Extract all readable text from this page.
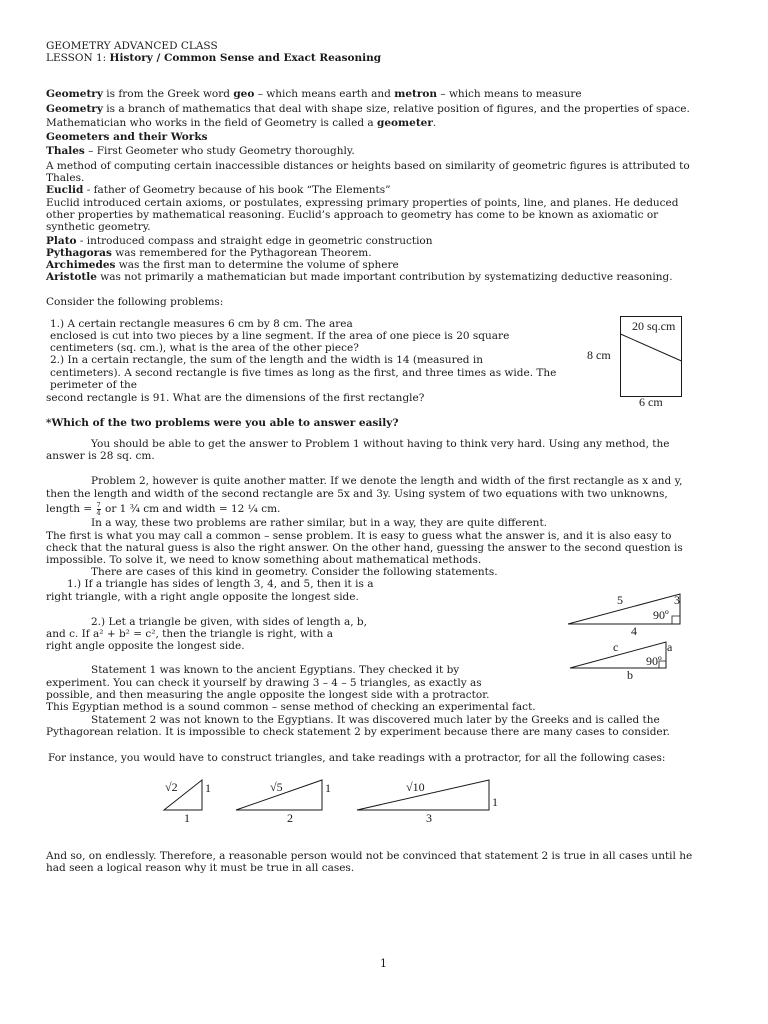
GEOMETRY ADVANCED CLASS
LESSON 1: History / Common Sense and Exact Reasoning
Geometry is from the Greek word geo – which means earth and metron – which means to measure
Geometry is a branch of mathematics that deal with shape size, relative position of figures, and the properties of space.
Mathematician who works in the field of Geometry is called a geometer.
Geometers and their Works
Thales – First Geometer who study Geometry thoroughly.
A method of computing certain inaccessible distances or heights based on similarity of geometric figures is attributed to
Thales.
Euclid - father of Geometry because of his book “The Elements”
Euclid introduced certain axioms, or postulates, expressing primary properties of points, line, and planes. He deduced
other properties by mathematical reasoning. Euclid’s approach to geometry has come to be known as axiomatic or
synthetic geometry.
Plato - introduced compass and straight edge in geometric construction
Pythagoras was remembered for the Pythagorean Theorem.
Archimedes was the first man to determine the volume of sphere
Aristotle was not primarily a mathematician but made important contribution by systematizing deductive reasoning.
Consider the following problems:
1.) A certain rectangle measures 6 cm by 8 cm. The area
enclosed is cut into two pieces by a line segment. If the area of one piece is 20 square
centimeters (sq. cm.), what is the area of the other piece?
2.) In a certain rectangle, the sum of the length and the width is 14 (measured in
centimeters). A second rectangle is five times as long as the first, and three times as wide. The
perimeter of the
second rectangle is 91. What are the dimensions of the first rectangle?
20 sq.cm
8 cm
6 cm
*Which of the two problems were you able to answer easily?
You should be able to get the answer to Problem 1 without having to think very hard. Using any method, the
answer is 28 sq. cm.
Problem 2, however is quite another matter. If we denote the length and width of the first rectangle as x and y,
then the length and width of the second rectangle are 5x and 3y. Using system of two equations with two unknowns,
length = $\frac{7}{4}$ or 1 ¾ cm and width = 12 ¼ cm.
In a way, these two problems are rather similar, but in a way, they are quite different.
The first is what you may call a common – sense problem. It is easy to guess what the answer is, and it is also easy to
check that the natural guess is also the right answer. On the other hand, guessing the answer to the second question is
impossible. To solve it, we need to know something about mathematical methods.
There are cases of this kind in geometry. Consider the following statements.
1.) If a triangle has sides of length 3, 4, and 5, then it is a
right triangle, with a right angle opposite the longest side.
2.) Let a triangle be given, with sides of length a, b,
and c. If a² + b² = c², then the triangle is right, with a
right angle opposite the longest side.
Statement 1 was known to the ancient Egyptians. They checked it by
experiment. You can check it yourself by drawing 3 – 4 – 5 triangles, as exactly as
possible, and then measuring the angle opposite the longest side with a protractor.
This Egyptian method is a sound common – sense method of checking an experimental fact.
Statement 2 was not known to the Egyptians. It was discovered much later by the Greeks and is called the
Pythagorean relation. It is impossible to check statement 2 by experiment because there are many cases to consider.
For instance, you would have to construct triangles, and take readings with a protractor, for all the following cases:
5	3
90º
4
c	a
90º
b
√2 1
1
√5	1
2
√10
1
3
And so, on endlessly. Therefore, a reasonable person would not be convinced that statement 2 is true in all cases until he
had seen a logical reason why it must be true in all cases.
1
